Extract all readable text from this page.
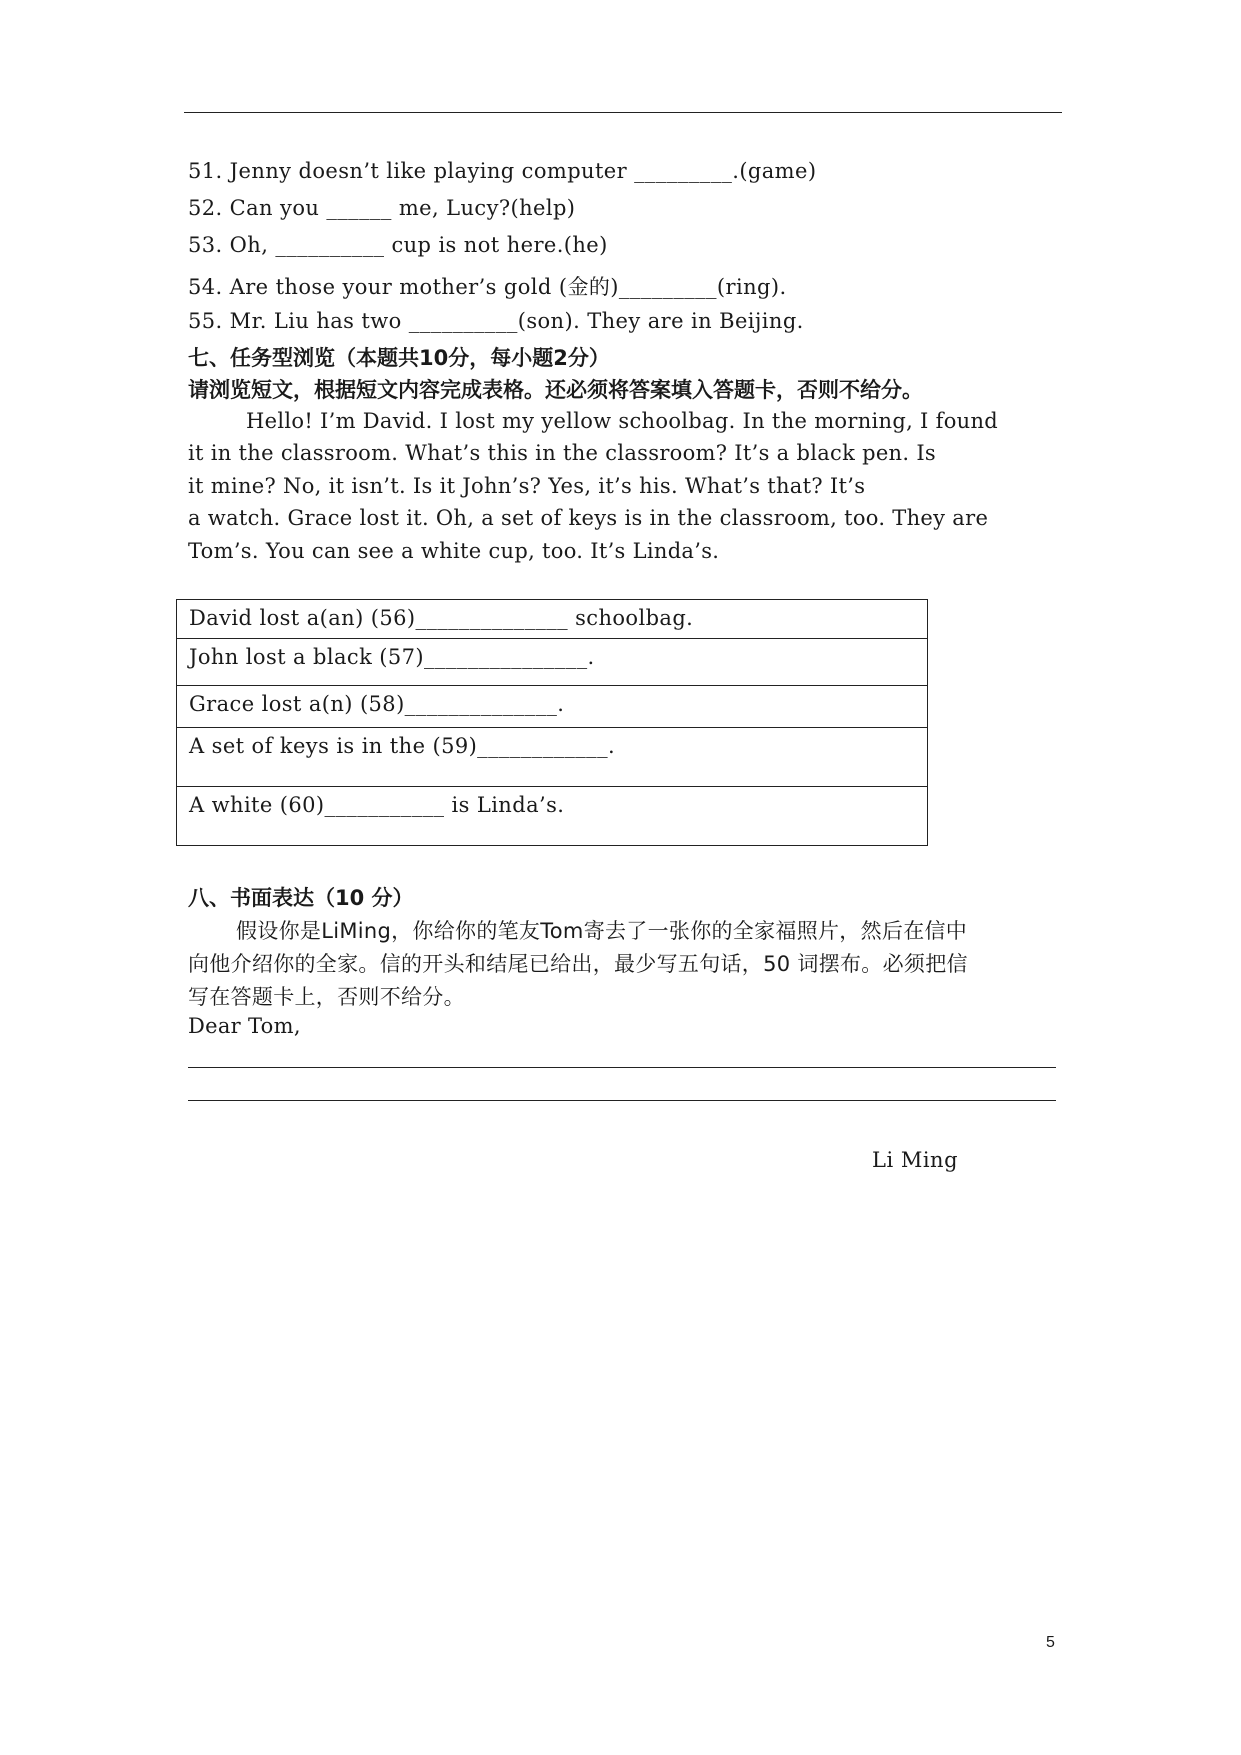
51. Jenny doesn’t like playing computer _________.(game)
52. Can you ______ me, Lucy?(help)
53. Oh, __________ cup is not here.(he)
54. Are those your mother’s gold (金的)_________(ring).
55. Mr. Liu has two __________(son). They are in Beijing.
七、任务型浏览（本题共10分，每小题2分）
请浏览短文，根据短文内容完成表格。还必须将答案填入答题卡，否则不给分。
Hello! I’m David. I lost my yellow schoolbag. In the morning, I found
it in the classroom. What’s this in the classroom? It’s a black pen. Is
it mine? No, it isn’t. Is it John’s? Yes, it’s his. What’s that? It’s
a watch. Grace lost it. Oh, a set of keys is in the classroom, too. They are
Tom’s. You can see a white cup, too. It’s Linda’s.
David lost a(an) (56)______________ schoolbag.
John lost a black (57)_______________.
Grace lost a(n) (58)______________.
A set of keys is in the (59)____________.
A white (60)___________ is Linda’s.
八、书面表达（10 分）
假设你是LiMing，你给你的笔友Tom寄去了一张你的全家福照片，然后在信中
向他介绍你的全家。信的开头和结尾已给出，最少写五句话，50 词摆布。必须把信
写在答题卡上，否则不给分。
Dear Tom,
Li Ming
5
